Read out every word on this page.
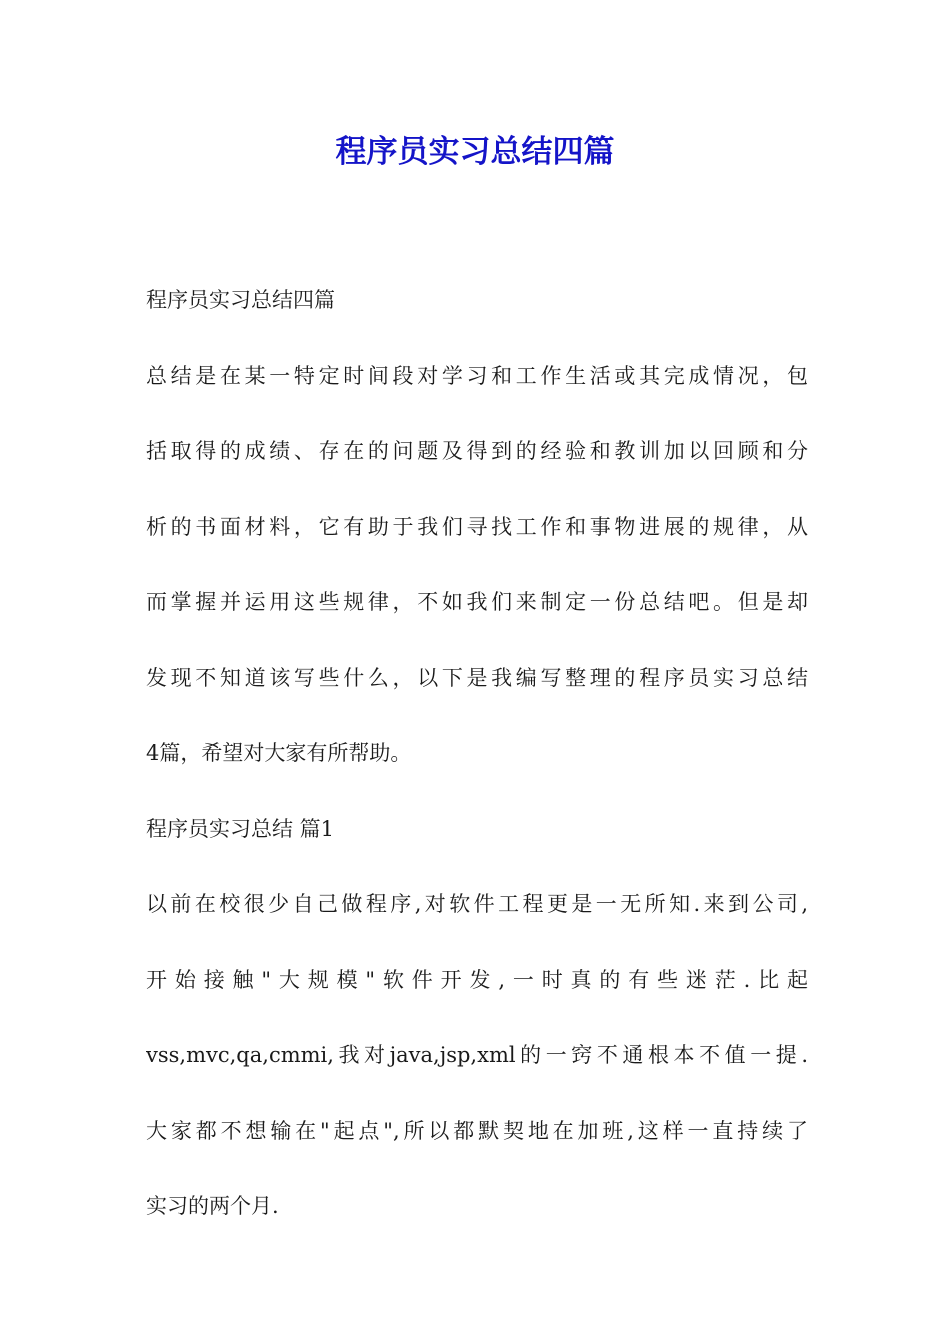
程序员实习总结四篇
程序员实习总结四篇
总结是在某一特定时间段对学习和工作生活或其完成情况，包
括取得的成绩、存在的问题及得到的经验和教训加以回顾和分
析的书面材料，它有助于我们寻找工作和事物进展的规律，从
而掌握并运用这些规律，不如我们来制定一份总结吧。但是却
发现不知道该写些什么，以下是我编写整理的程序员实习总结
4篇，希望对大家有所帮助。
程序员实习总结 篇1
以前在校很少自己做程序,对软件工程更是一无所知.来到公司,
开始接触"大规模"软件开发,一时真的有些迷茫.比起
vss,mvc,qa,cmmi,我对java,jsp,xml的一窍不通根本不值一提.
大家都不想输在"起点",所以都默契地在加班,这样一直持续了
实习的两个月.
